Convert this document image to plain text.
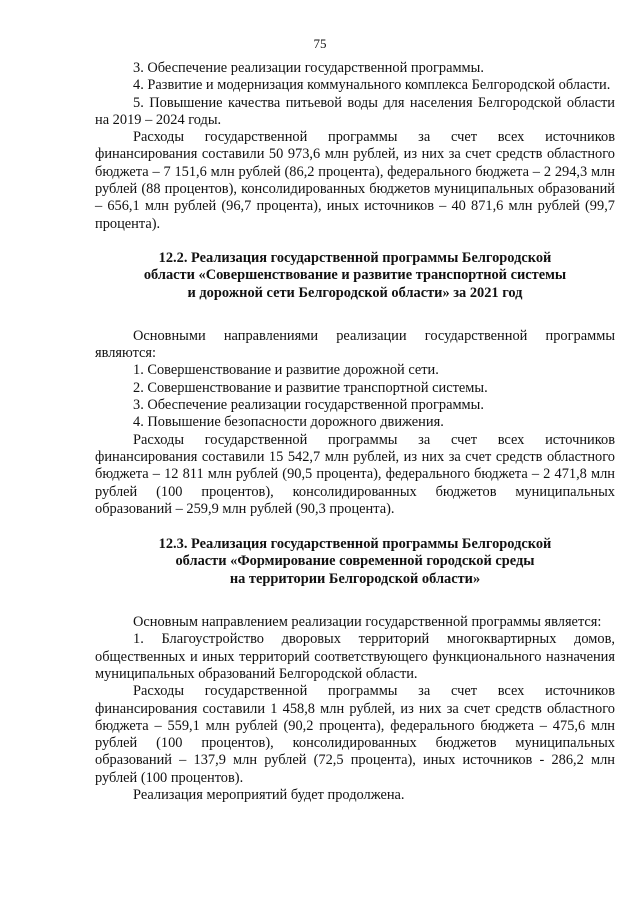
75

3. Обеспечение реализации государственной программы.

4. Развитие и модернизация коммунального комплекса Белгородской области.

5. Повышение качества питьевой воды для населения Белгородской области на 2019 – 2024 годы.

Расходы государственной программы за счет всех источников финансирования составили 50 973,6 млн рублей, из них за счет средств областного бюджета – 7 151,6 млн рублей (86,2 процента), федерального бюджета – 2 294,3 млн рублей (88 процентов), консолидированных бюджетов муниципальных образований – 656,1 млн рублей (96,7 процента), иных источников – 40 871,6 млн рублей (99,7 процента).

12.2. Реализация государственной программы Белгородской

области «Совершенствование и развитие транспортной системы

и дорожной сети Белгородской области» за 2021 год

Основными направлениями реализации государственной программы являются:

1. Совершенствование и развитие дорожной сети.

2. Совершенствование и развитие транспортной системы.

3. Обеспечение реализации государственной программы.

4. Повышение безопасности дорожного движения.

Расходы государственной программы за счет всех источников финансирования составили 15 542,7 млн рублей, из них за счет средств областного бюджета – 12 811 млн рублей (90,5 процента), федерального бюджета – 2 471,8 млн рублей (100 процентов), консолидированных бюджетов муниципальных образований – 259,9 млн рублей (90,3 процента).

12.3. Реализация государственной программы Белгородской

области «Формирование современной городской среды

на территории Белгородской области»

Основным направлением реализации государственной программы является:

1. Благоустройство дворовых территорий многоквартирных домов, общественных и иных территорий соответствующего функционального назначения муниципальных образований Белгородской области.

Расходы государственной программы за счет всех источников финансирования составили 1 458,8 млн рублей, из них за счет средств областного бюджета – 559,1 млн рублей (90,2 процента), федерального бюджета – 475,6 млн рублей (100 процентов), консолидированных бюджетов муниципальных образований – 137,9 млн рублей (72,5 процента), иных источников - 286,2 млн рублей (100 процентов).

Реализация мероприятий будет продолжена.
